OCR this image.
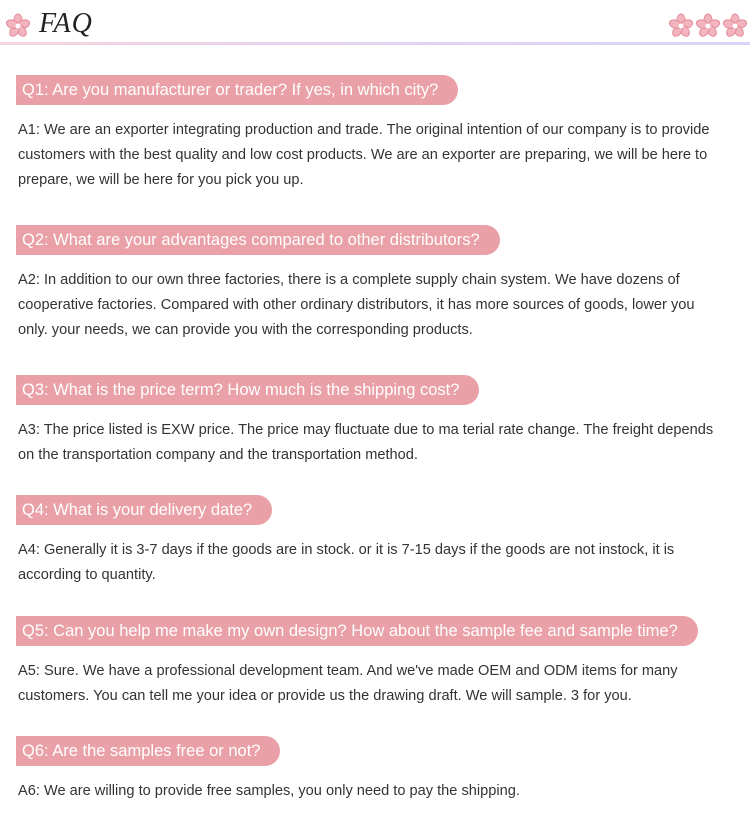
FAQ
Q1: Are you manufacturer or trader? If yes, in which city?
A1: We are an exporter integrating production and trade. The original intention of our company is to provide customers with the best quality and low cost products. We are an exporter are preparing, we will be here to prepare, we will be here for you pick you up.
Q2: What are your advantages compared to other distributors?
A2: In addition to our own three factories, there is a complete supply chain system. We have dozens of cooperative factories. Compared with other ordinary distributors, it has more sources of goods, lower you only. your needs, we can provide you with the corresponding products.
Q3: What is the price term? How much is the shipping cost?
A3: The price listed is EXW price. The price may fluctuate due to ma terial rate change. The freight depends on the transportation company and the transportation method.
Q4: What is your delivery date?
A4: Generally it is 3-7 days if the goods are in stock. or it is 7-15 days if the goods are not instock, it is according to quantity.
Q5: Can you help me make my own design? How about the sample fee and sample time?
A5: Sure. We have a professional development team. And we've made OEM and ODM items for many customers. You can tell me your idea or provide us the drawing draft. We will sample. 3 for you.
Q6: Are the samples free or not?
A6: We are willing to provide free samples, you only need to pay the shipping.
